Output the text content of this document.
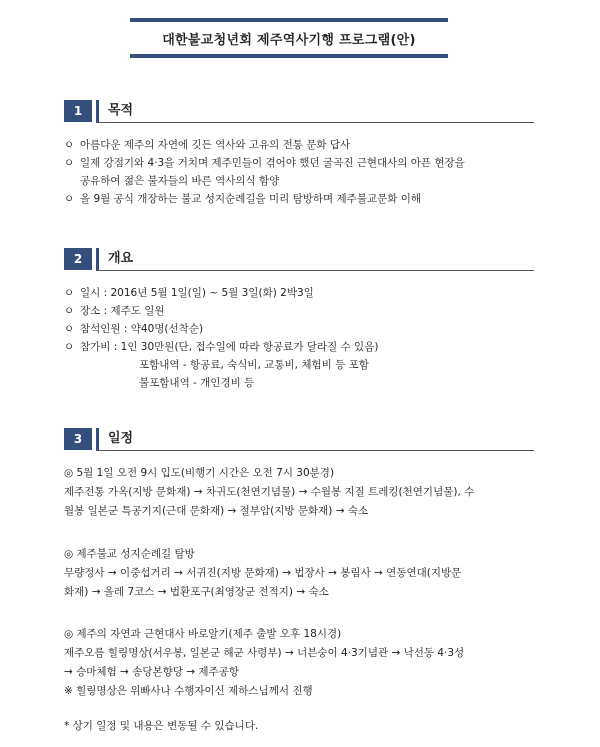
대한불교청년회 제주역사기행 프로그램(안)
1	목적
ㅇ 아름다운 제주의 자연에 깃든 역사와 고유의 전통 문화 답사
ㅇ 일제 강점기와 4·3을 거치며 제주민들이 겪어야 했던 굴곡진 근현대사의 아픈 현장을
공유하여 젊은 불자들의 바른 역사의식 함양
ㅇ 올 9월 공식 개장하는 불교 성지순례길을 미리 탐방하며 제주불교문화 이해
2	개요
ㅇ 일시 : 2016년 5월 1일(일) ~ 5월 3일(화) 2박3일
ㅇ 장소 : 제주도 일원
ㅇ 참석인원 : 약40명(선착순)
ㅇ 참가비 : 1인 30만원(단, 접수일에 따라 항공료가 달라질 수 있음)
포함내역 - 항공료, 숙식비, 교통비, 체험비 등 포함
불포함내역 - 개인경비 등
3	일정

◎ 5월 1일 오전 9시 입도(비행기 시간은 오전 7시 30분경)

제주전통 가옥(지방 문화재) → 차귀도(천연기념물) → 수월봉 지질 트레킹(천연기념물), 수

월봉 일본군 특공기지(근대 문화재) → 절부암(지방 문화재) → 숙소

◎ 제주불교 성지순례길 탐방

무량정사 → 이중섭거리 → 서귀진(지방 문화재) → 법장사 → 봉림사 → 연동연대(지방문

화재) → 올레 7코스 → 법환포구(최영장군 전적지) → 숙소

◎ 제주의 자연과 근현대사 바로알기(제주 출발 오후 18시경)

제주오름 힐링명상(서우봉, 일본군 해군 사령부) → 너븐숭이 4·3기념관 → 낙선동 4·3성

→ 승마체험 → 송당본향당 → 제주공항

※ 힐링명상은 위빠사나 수행자이신 제하스님께서 진행

* 상기 일정 및 내용은 변동될 수 있습니다.
